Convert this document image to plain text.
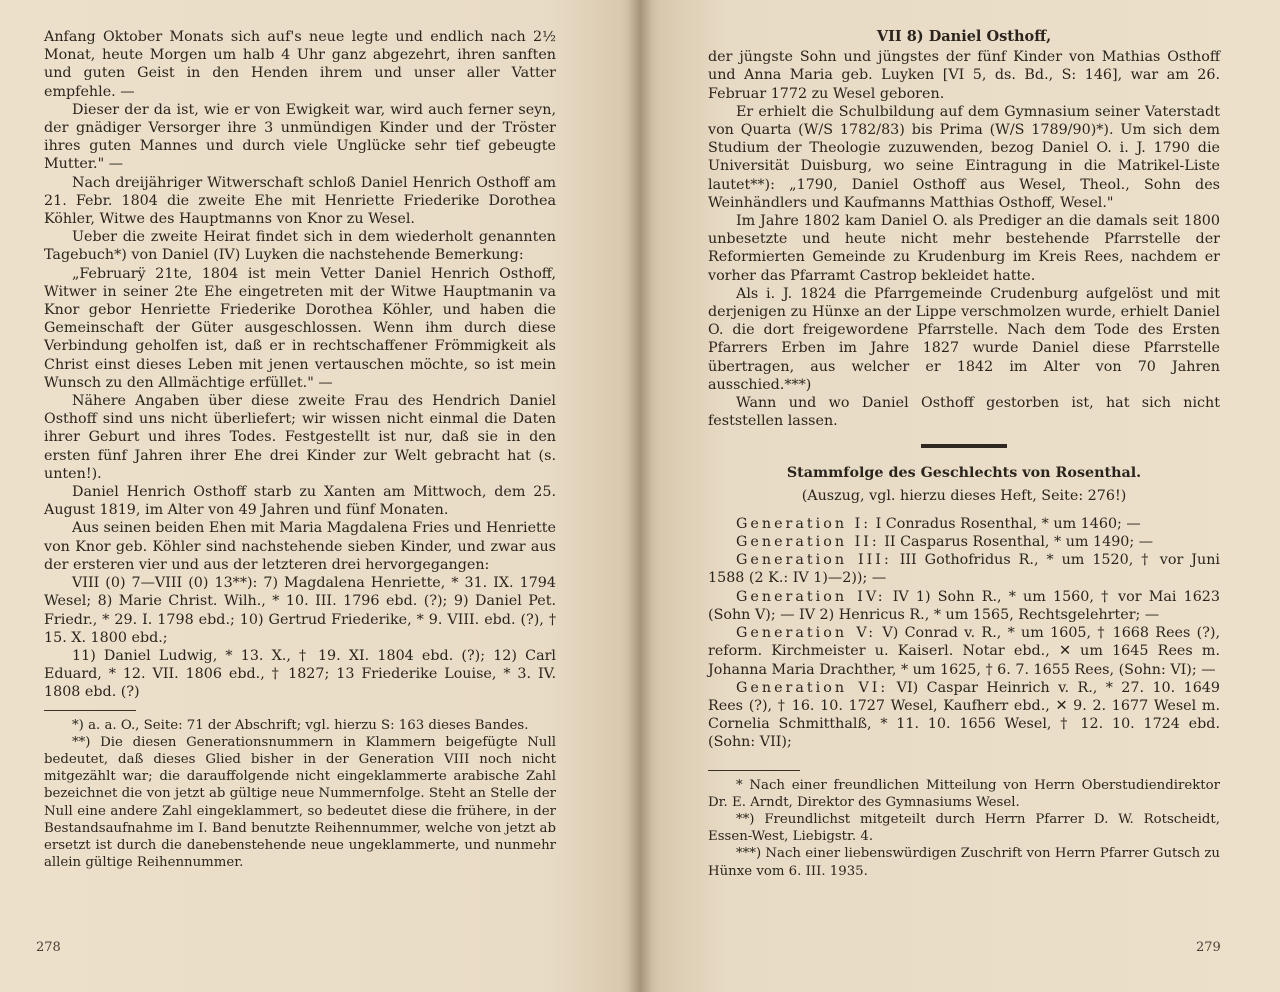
Anfang Oktober Monats sich auf's neue legte und endlich nach 2½ Monat, heute Morgen um halb 4 Uhr ganz abgezehrt, ihren sanften und guten Geist in den Henden ihrem und unser aller Vatter empfehle. —

Dieser der da ist, wie er von Ewigkeit war, wird auch ferner seyn, der gnädiger Versorger ihre 3 unmündigen Kinder und der Tröster ihres guten Mannes und durch viele Unglücke sehr tief gebeugte Mutter." —

Nach dreijähriger Witwerschaft schloß Daniel Henrich Osthoff am 21. Febr. 1804 die zweite Ehe mit Henriette Friederike Dorothea Köhler, Witwe des Hauptmanns von Knor zu Wesel.

Ueber die zweite Heirat findet sich in dem wiederholt genannten Tagebuch*) von Daniel (IV) Luyken die nachstehende Bemerkung:

„Februarÿ 21te, 1804 ist mein Vetter Daniel Henrich Osthoff, Witwer in seiner 2te Ehe eingetreten mit der Witwe Hauptmanin va Knor gebor Henriette Friederike Dorothea Köhler, und haben die Gemeinschaft der Güter ausgeschlossen. Wenn ihm durch diese Verbindung geholfen ist, daß er in rechtschaffener Frömmigkeit als Christ einst dieses Leben mit jenen vertauschen möchte, so ist mein Wunsch zu den Allmächtige erfüllet." —

Nähere Angaben über diese zweite Frau des Hendrich Daniel Osthoff sind uns nicht überliefert; wir wissen nicht einmal die Daten ihrer Geburt und ihres Todes. Festgestellt ist nur, daß sie in den ersten fünf Jahren ihrer Ehe drei Kinder zur Welt gebracht hat (s. unten!).

Daniel Henrich Osthoff starb zu Xanten am Mittwoch, dem 25. August 1819, im Alter von 49 Jahren und fünf Monaten.

Aus seinen beiden Ehen mit Maria Magdalena Fries und Henriette von Knor geb. Köhler sind nachstehende sieben Kinder, und zwar aus der ersteren vier und aus der letzteren drei hervorgegangen:

VIII (0) 7—VIII (0) 13**): 7) Magdalena Henriette, * 31. IX. 1794 Wesel; 8) Marie Christ. Wilh., * 10. III. 1796 ebd. (?); 9) Daniel Pet. Friedr., * 29. I. 1798 ebd.; 10) Gertrud Friederike, * 9. VIII. ebd. (?), † 15. X. 1800 ebd.;

11) Daniel Ludwig, * 13. X., † 19. XI. 1804 ebd. (?); 12) Carl Eduard, * 12. VII. 1806 ebd., † 1827; 13 Friederike Louise, * 3. IV. 1808 ebd. (?)

*) a. a. O., Seite: 71 der Abschrift; vgl. hierzu S: 163 dieses Bandes.

**) Die diesen Generationsnummern in Klammern beigefügte Null bedeutet, daß dieses Glied bisher in der Generation VIII noch nicht mitgezählt war; die darauffolgende nicht eingeklammerte arabische Zahl bezeichnet die von jetzt ab gültige neue Nummernfolge. Steht an Stelle der Null eine andere Zahl eingeklammert, so bedeutet diese die frühere, in der Bestandsaufnahme im I. Band benutzte Reihennummer, welche von jetzt ab ersetzt ist durch die danebenstehende neue ungeklammerte, und nunmehr allein gültige Reihennummer.

278
VII 8) Daniel Osthoff,

der jüngste Sohn und jüngstes der fünf Kinder von Mathias Osthoff und Anna Maria geb. Luyken [VI 5, ds. Bd., S: 146], war am 26. Februar 1772 zu Wesel geboren.

Er erhielt die Schulbildung auf dem Gymnasium seiner Vaterstadt von Quarta (W/S 1782/83) bis Prima (W/S 1789/90)*). Um sich dem Studium der Theologie zuzuwenden, bezog Daniel O. i. J. 1790 die Universität Duisburg, wo seine Eintragung in die Matrikel-Liste lautet**): „1790, Daniel Osthoff aus Wesel, Theol., Sohn des Weinhändlers und Kaufmanns Matthias Osthoff, Wesel."

Im Jahre 1802 kam Daniel O. als Prediger an die damals seit 1800 unbesetzte und heute nicht mehr bestehende Pfarrstelle der Reformierten Gemeinde zu Krudenburg im Kreis Rees, nachdem er vorher das Pfarramt Castrop bekleidet hatte.

Als i. J. 1824 die Pfarrgemeinde Crudenburg aufgelöst und mit derjenigen zu Hünxe an der Lippe verschmolzen wurde, erhielt Daniel O. die dort freigewordene Pfarrstelle. Nach dem Tode des Ersten Pfarrers Erben im Jahre 1827 wurde Daniel diese Pfarrstelle übertragen, aus welcher er 1842 im Alter von 70 Jahren ausschied.***)

Wann und wo Daniel Osthoff gestorben ist, hat sich nicht feststellen lassen.

Stammfolge des Geschlechts von Rosenthal.
(Auszug, vgl. hierzu dieses Heft, Seite: 276!)

Generation I: I Conradus Rosenthal, * um 1460; —

Generation II: II Casparus Rosenthal, * um 1490; —

Generation III: III Gothofridus R., * um 1520, † vor Juni 1588 (2 K.: IV 1)—2)); —

Generation IV: IV 1) Sohn R., * um 1560, † vor Mai 1623 (Sohn V); — IV 2) Henricus R., * um 1565, Rechtsgelehrter; —

Generation V: V) Conrad v. R., * um 1605, † 1668 Rees (?), reform. Kirchmeister u. Kaiserl. Notar ebd., ✕ um 1645 Rees m. Johanna Maria Drachther, * um 1625, † 6. 7. 1655 Rees, (Sohn: VI); —

Generation VI: VI) Caspar Heinrich v. R., * 27. 10. 1649 Rees (?), † 16. 10. 1727 Wesel, Kaufherr ebd., ✕ 9. 2. 1677 Wesel m. Cornelia Schmitthalß, * 11. 10. 1656 Wesel, † 12. 10. 1724 ebd. (Sohn: VII);

* Nach einer freundlichen Mitteilung von Herrn Oberstudiendirektor Dr. E. Arndt, Direktor des Gymnasiums Wesel.

**) Freundlichst mitgeteilt durch Herrn Pfarrer D. W. Rotscheidt, Essen-West, Liebigstr. 4.

***) Nach einer liebenswürdigen Zuschrift von Herrn Pfarrer Gutsch zu Hünxe vom 6. III. 1935.

279
